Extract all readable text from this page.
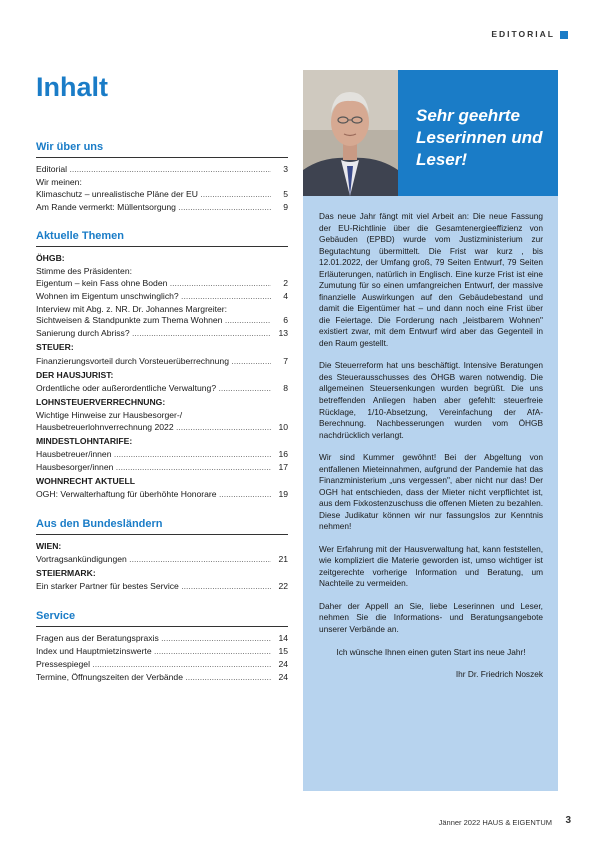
EDITORIAL
Inhalt
Wir über uns
Editorial .....	3
Wir meinen:
Klimaschutz – unrealistische Pläne der EU .....	5
Am Rande vermerkt: Müllentsorgung .....	9
Aktuelle Themen
ÖHGB:
Stimme des Präsidenten:
Eigentum – kein Fass ohne Boden .....	2
Wohnen im Eigentum unschwinglich? .....	4
Interview mit Abg. z. NR. Dr. Johannes Margreiter:
Sichtweisen & Standpunkte zum Thema Wohnen .....	6
Sanierung durch Abriss? .....	13
STEUER:
Finanzierungsvorteil durch Vorsteuerüberrechnung .....	7
DER HAUSJURIST:
Ordentliche oder außerordentliche Verwaltung? .....	8
LOHNSTEUERVERRECHNUNG:
Wichtige Hinweise zur Hausbesorger-/
Hausbetreuerlohnverrechnung 2022 .....	10
MINDESTLOHNTARIFE:
Hausbetreuer/innen .....	16
Hausbesorger/innen .....	17
WOHNRECHT AKTUELL
OGH: Verwalterhaftung für überhöhte Honorare .....	19
Aus den Bundesländern
WIEN:
Vortragsankündigungen .....	21
STEIERMARK:
Ein starker Partner für bestes Service .....	22
Service
Fragen aus der Beratungspraxis .....	14
Index und Hauptmietzinswerte .....	15
Pressespiegel .....	24
Termine, Öffnungszeiten der Verbände .....	24
Sehr geehrte Leserinnen und Leser!

Das neue Jahr fängt mit viel Arbeit an: Die neue Fassung der EU-Richtlinie über die Gesamtenergieeffizienz von Gebäuden (EPBD) wurde vom Justizministerium zur Begutachtung übermittelt. Die Frist war kurz , bis 12.01.2022, der Umfang groß, 79 Seiten Entwurf, 79 Seiten Erläuterungen, natürlich in Englisch. Eine kurze Frist ist eine Zumutung für so einen umfangreichen Entwurf, der massive finanzielle Auswirkungen auf den Gebäudebestand und damit die Eigentümer hat – und dann noch eine Frist über die Feiertage. Die Forderung nach „leistbarem Wohnen" existiert zwar, mit dem Entwurf wird aber das Gegenteil in den Raum gestellt.

Die Steuerreform hat uns beschäftigt. Intensive Beratungen des Steuerausschusses des ÖHGB waren notwendig. Die allgemeinen Steuersenkungen wurden begrüßt. Die uns betreffenden Anliegen haben aber gefehlt: steuerfreie Rücklage, 1/10-Absetzung, Vereinfachung der AfA-Berechnung. Nachbesserungen wurden vom ÖHGB nachdrücklich verlangt.

Wir sind Kummer gewöhnt! Bei der Abgeltung von entfallenen Mieteinnahmen, aufgrund der Pandemie hat das Finanzministerium „uns vergessen", aber nicht nur das! Der OGH hat entschieden, dass der Mieter nicht verpflichtet ist, aus dem Fixkostenzuschuss die offenen Mieten zu bezahlen. Diese Judikatur können wir nur fassungslos zur Kenntnis nehmen!

Wer Erfahrung mit der Hausverwaltung hat, kann feststellen, wie kompliziert die Materie geworden ist, umso wichtiger ist zeitgerechte vorherige Information und Beratung, um Nachteile zu vermeiden.

Daher der Appell an Sie, liebe Leserinnen und Leser, nehmen Sie die Informations- und Beratungsangebote unserer Verbände an.

Ich wünsche Ihnen einen guten Start ins neue Jahr!

Ihr Dr. Friedrich Noszek
Jänner 2022 HAUS & EIGENTUM 3
